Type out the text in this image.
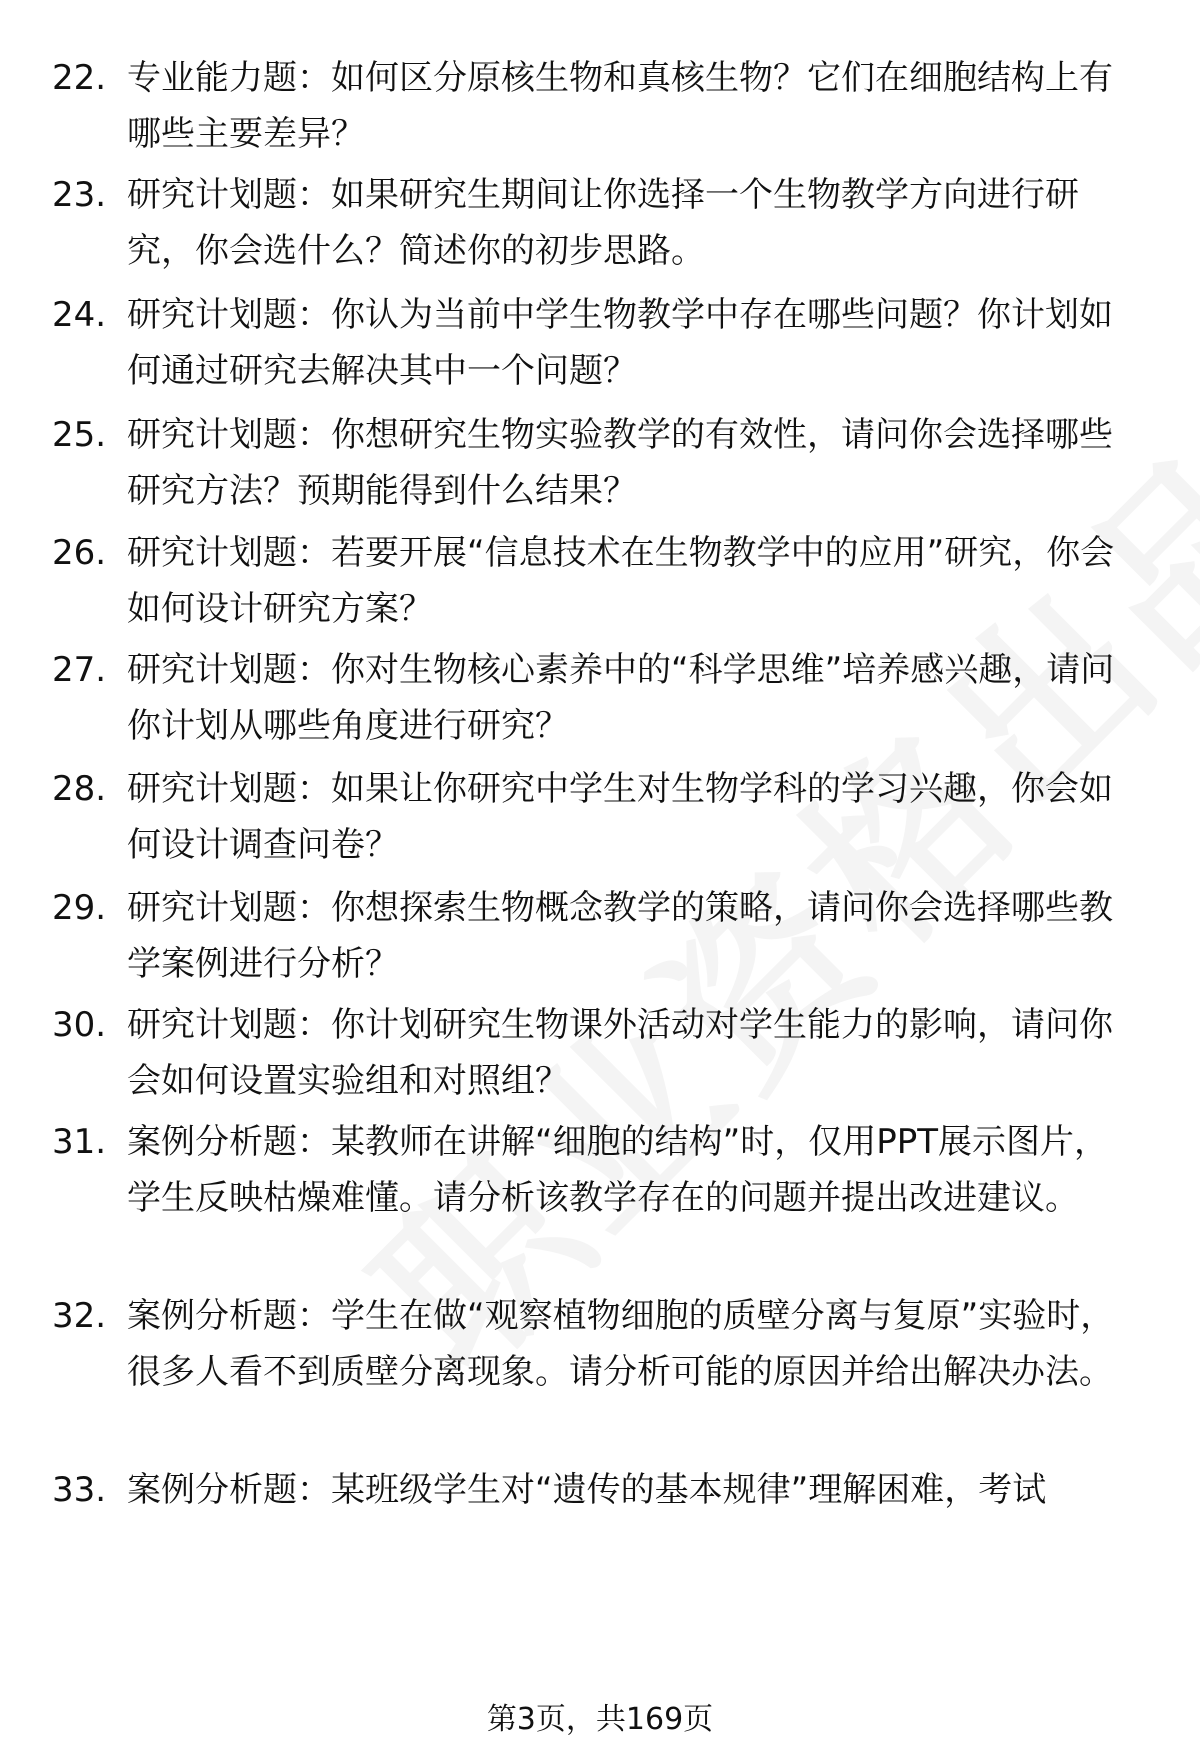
22. 专业能力题：如何区分原核生物和真核生物？它们在细胞结构上有哪些主要差异？
23. 研究计划题：如果研究生期间让你选择一个生物教学方向进行研究，你会选什么？简述你的初步思路。
24. 研究计划题：你认为当前中学生物教学中存在哪些问题？你计划如何通过研究去解决其中一个问题？
25. 研究计划题：你想研究生物实验教学的有效性，请问你会选择哪些研究方法？预期能得到什么结果？
26. 研究计划题：若要开展“信息技术在生物教学中的应用”研究，你会如何设计研究方案？
27. 研究计划题：你对生物核心素养中的“科学思维”培养感兴趣，请问你计划从哪些角度进行研究？
28. 研究计划题：如果让你研究中学生对生物学科的学习兴趣，你会如何设计调查问卷？
29. 研究计划题：你想探索生物概念教学的策略，请问你会选择哪些教学案例进行分析？
30. 研究计划题：你计划研究生物课外活动对学生能力的影响，请问你会如何设置实验组和对照组？
31. 案例分析题：某教师在讲解“细胞的结构”时，仅用PPT展示图片，学生反映枯燥难懂。请分析该教学存在的问题并提出改进建议。
32. 案例分析题：学生在做“观察植物细胞的质壁分离与复原”实验时，很多人看不到质壁分离现象。请分析可能的原因并给出解决办法。
33. 案例分析题：某班级学生对“遗传的基本规律”理解困难，考试
第3页，共169页
